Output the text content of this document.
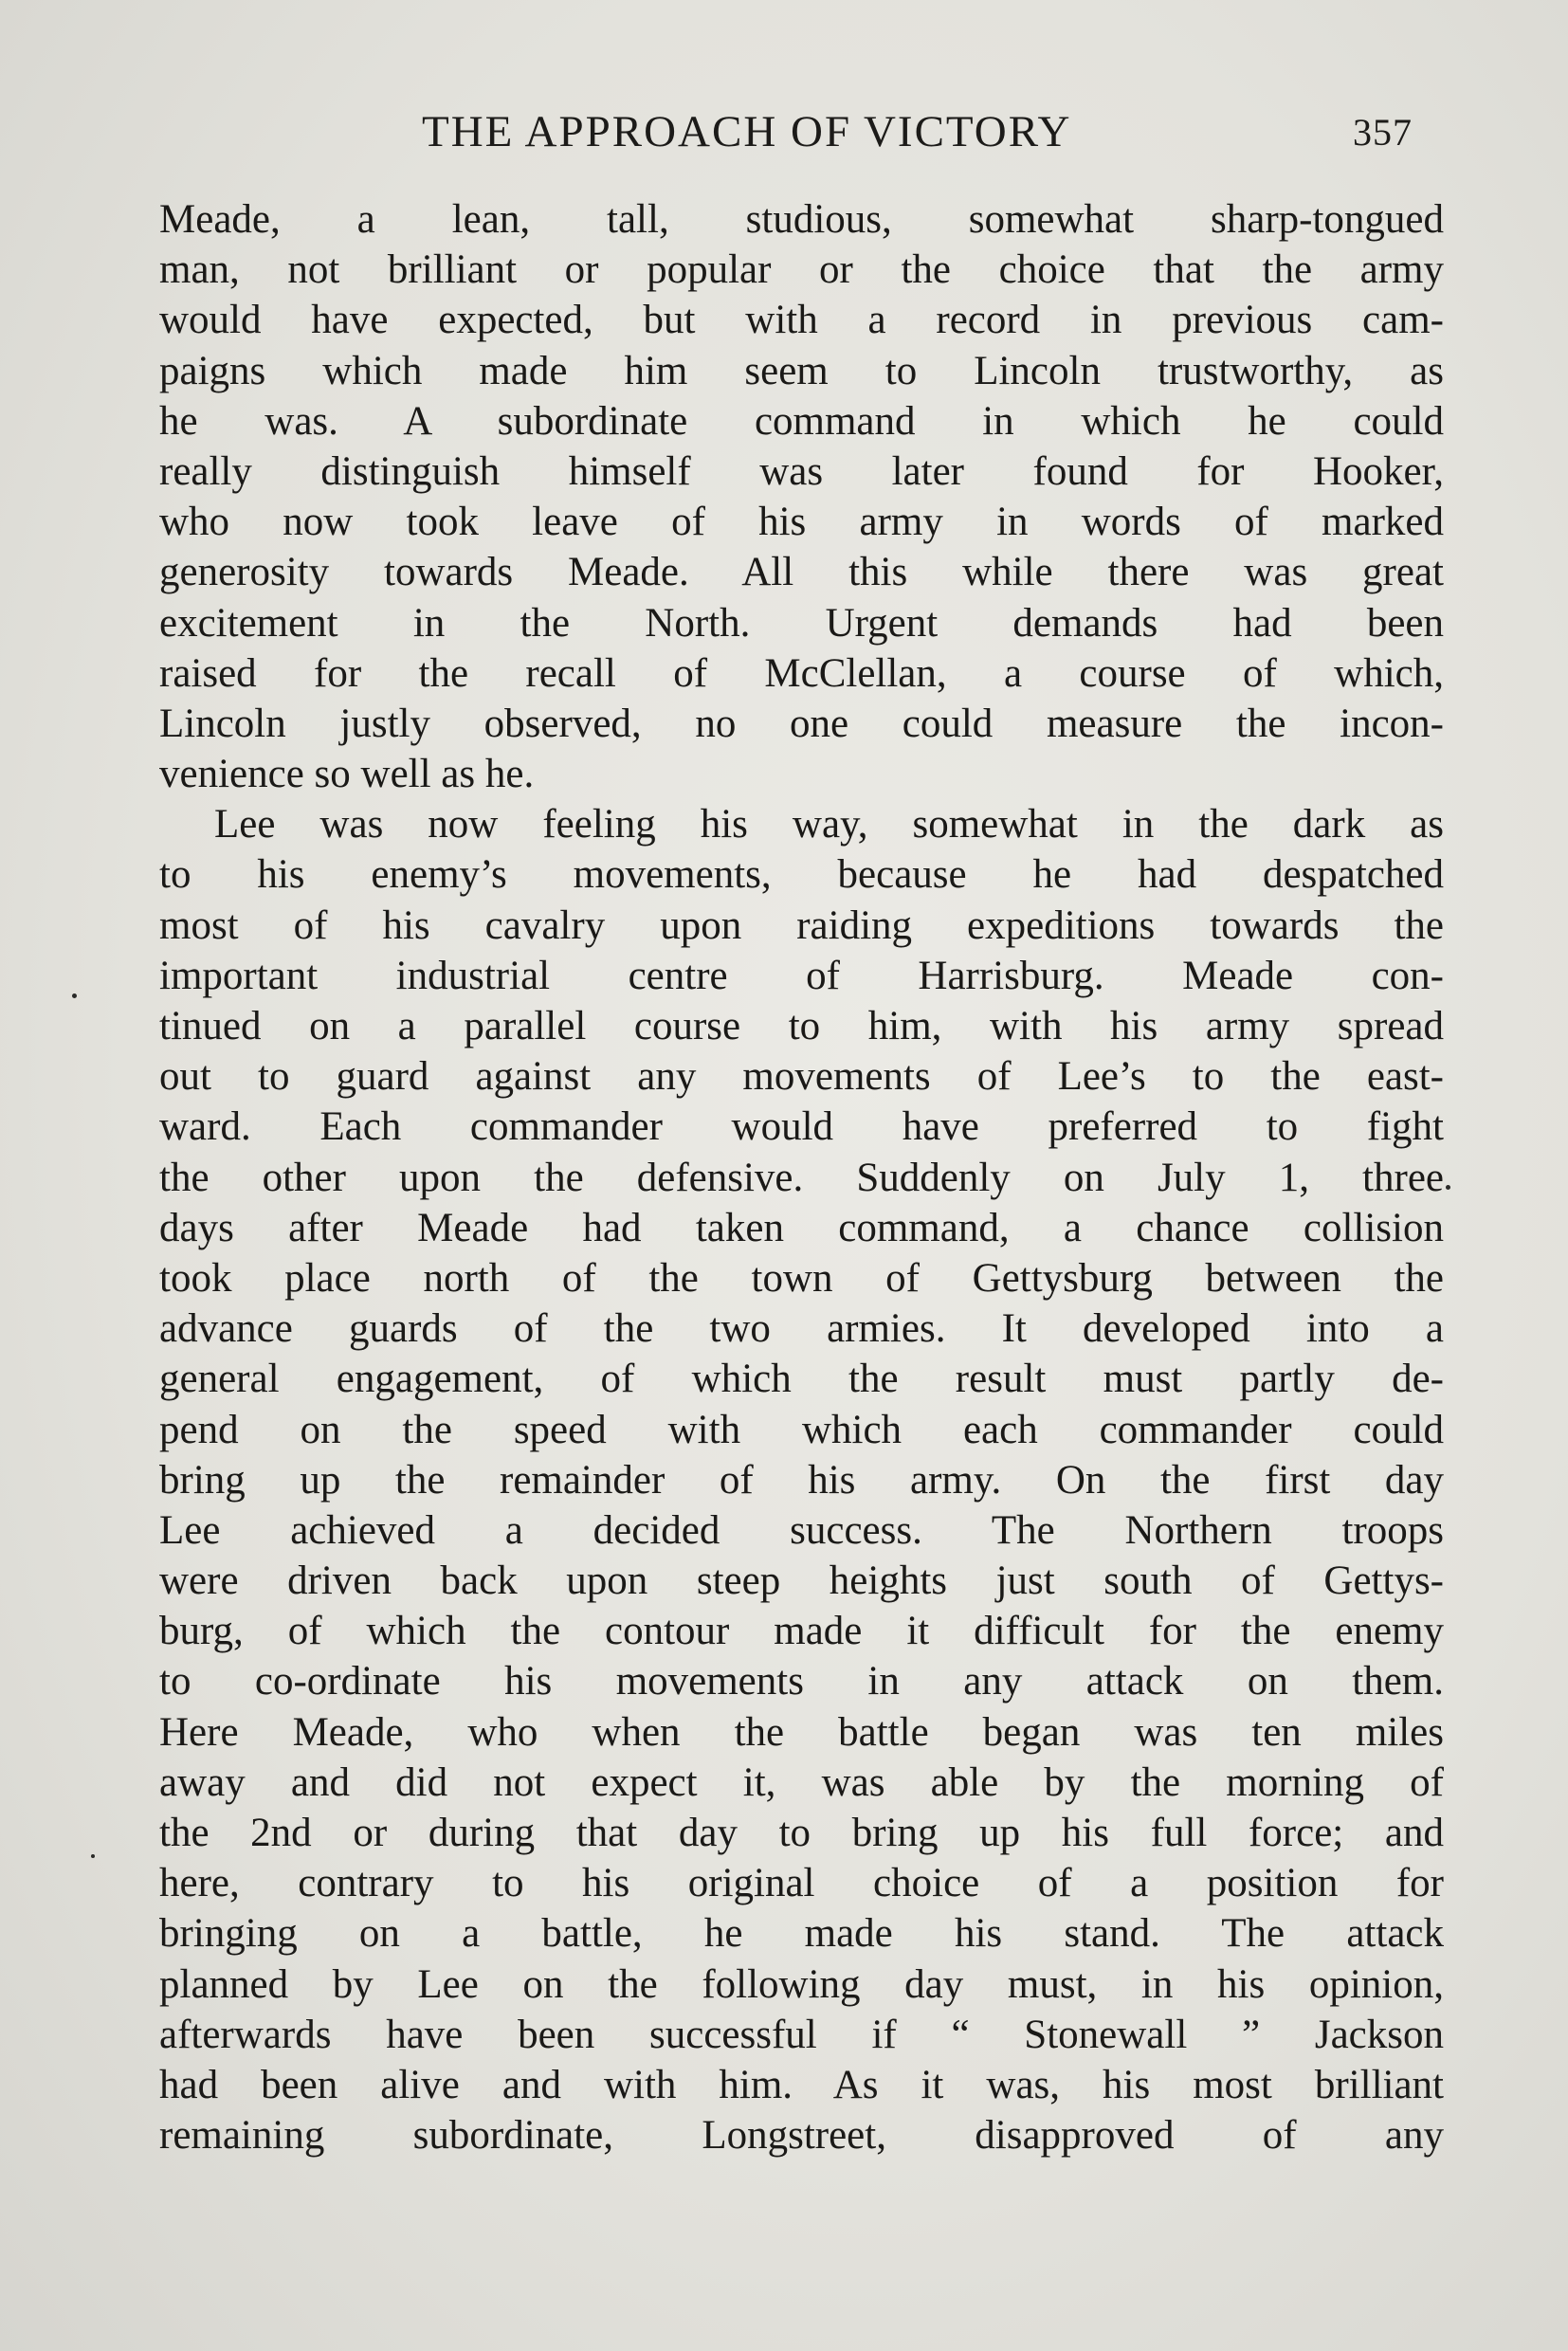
THE APPROACH OF VICTORY	357
Meade, a lean, tall, studious, somewhat sharp-tongued
man, not brilliant or popular or the choice that the army
would have expected, but with a record in previous cam-
paigns which made him seem to Lincoln trustworthy, as
he was. A subordinate command in which he could
really distinguish himself was later found for Hooker,
who now took leave of his army in words of marked
generosity towards Meade. All this while there was great
excitement in the North. Urgent demands had been
raised for the recall of McClellan, a course of which,
Lincoln justly observed, no one could measure the incon-
venience so well as he.
Lee was now feeling his way, somewhat in the dark as
to his enemy’s movements, because he had despatched
most of his cavalry upon raiding expeditions towards the
important industrial centre of Harrisburg. Meade con-
tinued on a parallel course to him, with his army spread
out to guard against any movements of Lee’s to the east-
ward. Each commander would have preferred to fight
the other upon the defensive. Suddenly on July 1, three
days after Meade had taken command, a chance collision
took place north of the town of Gettysburg between the
advance guards of the two armies. It developed into a
general engagement, of which the result must partly de-
pend on the speed with which each commander could
bring up the remainder of his army. On the first day
Lee achieved a decided success. The Northern troops
were driven back upon steep heights just south of Gettys-
burg, of which the contour made it difficult for the enemy
to co-ordinate his movements in any attack on them.
Here Meade, who when the battle began was ten miles
away and did not expect it, was able by the morning of
the 2nd or during that day to bring up his full force; and
here, contrary to his original choice of a position for
bringing on a battle, he made his stand. The attack
planned by Lee on the following day must, in his opinion,
afterwards have been successful if “ Stonewall ” Jackson
had been alive and with him. As it was, his most brilliant
remaining subordinate, Longstreet, disapproved of any
